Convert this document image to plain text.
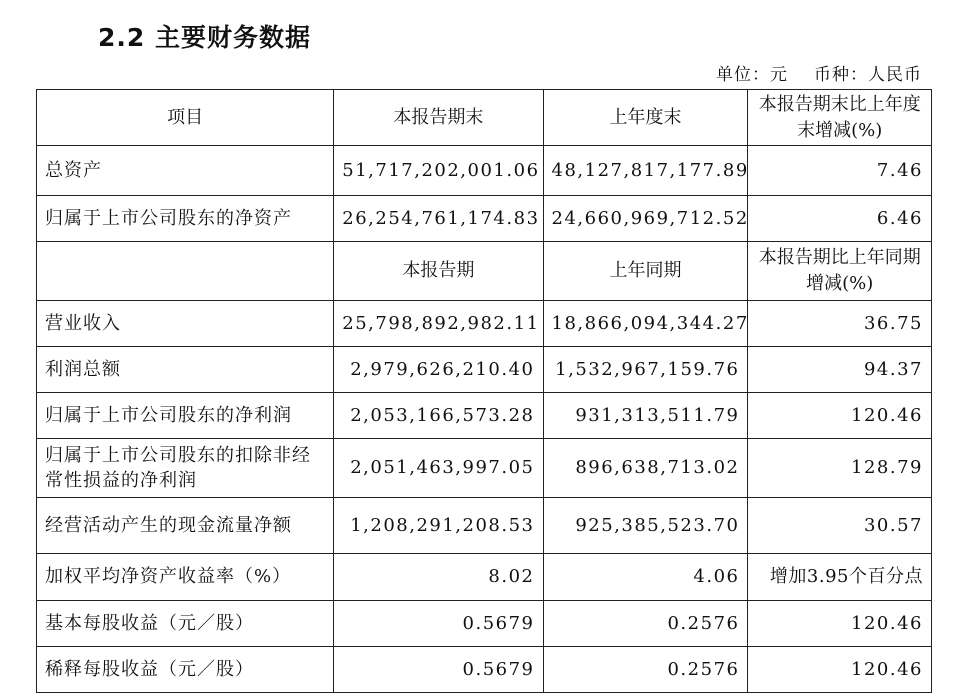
2.2 主要财务数据
单位：元 币种：人民币
项目	本报告期末	上年度末	本报告期末比上年度末增减(%)
总资产	51,717,202,001.06	48,127,817,177.89	7.46
归属于上市公司股东的净资产	26,254,761,174.83	24,660,969,712.52	6.46
	本报告期	上年同期	本报告期比上年同期增减(%)
营业收入	25,798,892,982.11	18,866,094,344.27	36.75
利润总额	2,979,626,210.40	1,532,967,159.76	94.37
归属于上市公司股东的净利润	2,053,166,573.28	931,313,511.79	120.46
归属于上市公司股东的扣除非经常性损益的净利润	2,051,463,997.05	896,638,713.02	128.79
经营活动产生的现金流量净额	1,208,291,208.53	925,385,523.70	30.57
加权平均净资产收益率（%）	8.02	4.06	增加3.95个百分点
基本每股收益（元／股）	0.5679	0.2576	120.46
稀释每股收益（元／股）	0.5679	0.2576	120.46
